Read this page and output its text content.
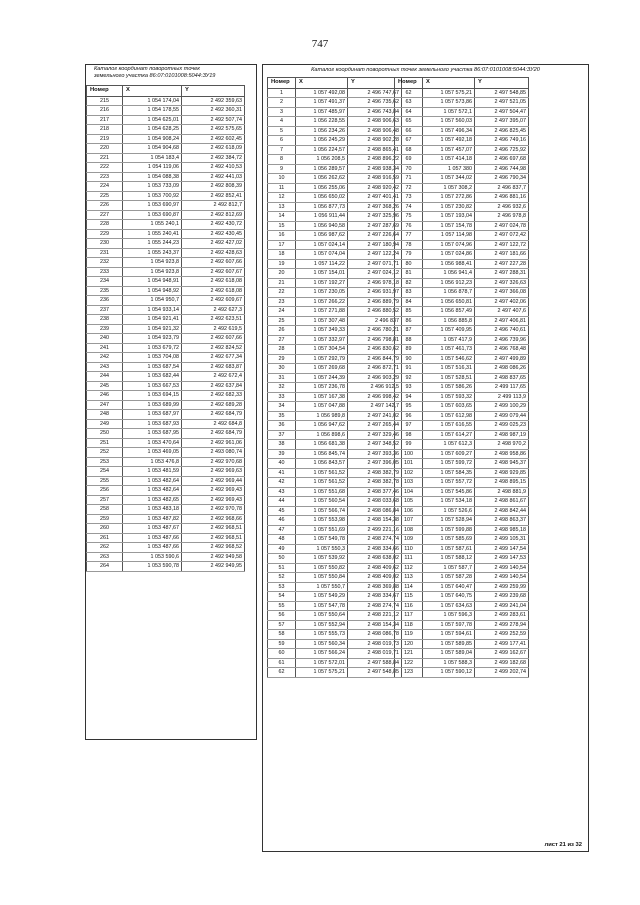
747
Каталог координат поворотных точек
земельного участка 86:07:0101008:5044:ЗУ19
Номер	X	Y
215	1 054 174,04	2 492 359,63
216	1 054 178,55	2 492 360,31
217	1 054 625,01	2 492 507,74
218	1 054 628,25	2 492 575,65
219	1 054 908,24	2 492 602,45
220	1 054 904,68	2 492 618,09
221	1 054 183,4	2 492 384,72
222	1 054 119,06	2 492 410,53
223	1 054 088,38	2 492 441,03
224	1 053 733,09	2 492 808,39
225	1 053 700,92	2 492 852,41
226	1 053 690,97	2 492 812,7
227	1 053 690,87	2 492 812,69
228	1 055 240,1	2 492 430,72
229	1 055 240,41	2 492 430,45
230	1 055 244,23	2 492 427,02
231	1 055 243,37	2 492 428,63
232	1 054 923,8	2 492 607,66
233	1 054 923,8	2 492 607,67
234	1 054 948,91	2 492 618,08
235	1 054 948,92	2 492 618,08
236	1 054 950,7	2 492 609,67
237	1 054 933,14	2 492 627,3
238	1 054 921,41	2 492 623,51
239	1 054 921,32	2 492 619,5
240	1 054 923,79	2 492 607,66
241	1 053 679,72	2 492 824,52
242	1 053 704,08	2 492 677,34
243	1 053 687,54	2 492 683,87
244	1 053 682,44	2 492 672,4
245	1 053 667,53	2 492 637,84
246	1 053 694,15	2 492 682,33
247	1 053 689,99	2 492 689,28
248	1 053 687,97	2 492 684,79
249	1 053 687,93	2 492 684,8
250	1 053 687,95	2 492 684,79
251	1 053 470,64	2 492 961,06
252	1 053 469,05	2 493 080,74
253	1 053 476,8	2 492 970,68
254	1 053 481,59	2 492 969,63
255	1 053 482,64	2 492 969,44
256	1 053 482,64	2 492 969,43
257	1 053 482,65	2 492 969,43
258	1 053 483,18	2 492 970,78
259	1 053 487,82	2 492 968,66
260	1 053 487,67	2 492 968,51
261	1 053 487,66	2 492 968,51
262	1 053 487,66	2 492 968,52
263	1 053 590,6	2 492 949,58
264	1 053 590,78	2 492 949,95
Каталог координат поворотных точек земельного участка 86:07:0101008:5044:ЗУ20
Номер	X	Y
1	1 057 492,08	2 496 747,67
2	1 057 491,37	2 496 735,62
3	1 057 485,97	2 496 743,84
4	1 056 228,55	2 498 906,63
5	1 056 234,26	2 498 906,48
6	1 056 245,29	2 498 902,28
7	1 056 224,57	2 498 865,41
8	1 056 208,5	2 498 896,22
9	1 056 289,57	2 498 938,34
10	1 056 262,62	2 498 916,59
11	1 056 255,06	2 498 920,42
12	1 056 650,02	2 497 401,41
13	1 056 877,73	2 497 368,26
14	1 056 911,44	2 497 325,96
15	1 056 940,58	2 497 287,69
16	1 056 987,62	2 497 226,64
17	1 057 024,14	2 497 180,94
18	1 057 074,04	2 497 122,24
19	1 057 114,22	2 497 071,71
20	1 057 154,01	2 497 024,12
21	1 057 192,27	2 496 978,18
22	1 057 230,05	2 496 931,97
23	1 057 266,22	2 496 889,79
24	1 057 271,88	2 496 880,52
25	1 057 307,48	2 496 837
26	1 057 349,33	2 496 780,21
27	1 057 332,97	2 496 798,81
28	1 057 304,54	2 496 830,62
29	1 057 292,79	2 496 844,79
30	1 057 269,68	2 496 872,71
31	1 057 244,39	2 496 903,29
32	1 057 236,78	2 496 912,5
33	1 057 167,38	2 496 998,42
34	1 057 047,88	2 497 142,7
35	1 056 989,8	2 497 241,02
36	1 056 947,62	2 497 265,44
37	1 056 898,6	2 497 329,46
38	1 056 681,38	2 497 348,52
39	1 056 845,74	2 497 393,36
40	1 056 843,57	2 497 396,05
41	1 057 561,52	2 498 382,79
42	1 057 561,52	2 498 382,78
43	1 057 551,68	2 498 377,46
44	1 057 560,54	2 498 033,68
45	1 057 566,74	2 498 086,84
46	1 057 553,98	2 498 154,38
47	1 057 551,69	2 499 221,16
48	1 057 549,78	2 498 274,74
49	1 057 550,3	2 498 334,66
50	1 057 539,92	2 498 638,02
51	1 057 550,82	2 498 409,62
52	1 057 550,84	2 498 409,02
53	1 057 550,7	2 498 369,88
54	1 057 549,29	2 498 334,67
55	1 057 547,78	2 498 274,74
56	1 057 550,64	2 498 221,12
57	1 057 552,94	2 498 154,34
58	1 057 555,73	2 498 086,78
59	1 057 560,34	2 498 019,73
60	1 057 566,24	2 498 019,71
61	1 057 572,01	2 497 588,84
62	1 057 575,21	2 497 548,85
Номер	X	Y
62	1 057 575,21	2 497 548,85
63	1 057 573,86	2 497 521,05
64	1 057 572,1	2 497 504,47
65	1 057 560,03	2 497 395,07
66	1 057 496,34	2 496 825,45
67	1 057 492,18	2 496 749,16
68	1 057 457,07	2 496 725,92
69	1 057 414,18	2 496 697,68
70	1 057 380	2 496 744,98
71	1 057 344,02	2 496 790,34
72	1 057 308,2	2 496 837,7
73	1 057 272,86	2 496 881,16
74	1 057 230,82	2 496 932,6
75	1 057 193,04	2 496 978,8
76	1 057 154,78	2 497 024,78
77	1 057 114,98	2 497 072,42
78	1 057 074,96	2 497 122,72
79	1 057 024,86	2 497 181,66
80	1 056 988,41	2 497 227,28
81	1 056 941,4	2 497 288,31
82	1 056 912,23	2 497 326,63
83	1 056 878,7	2 497 366,08
84	1 056 650,81	2 497 402,06
85	1 056 857,49	2 497 407,6
86	1 056 885,8	2 497 406,81
87	1 057 409,95	2 496 740,61
88	1 057 417,9	2 496 739,96
89	1 057 461,73	2 496 768,48
90	1 057 546,62	2 497 499,89
91	1 057 516,31	2 498 086,26
92	1 057 528,51	2 498 837,65
93	1 057 586,26	2 499 117,65
94	1 057 593,32	2 499 113,9
95	1 057 603,65	2 499 100,29
96	1 057 612,98	2 499 079,44
97	1 057 616,55	2 499 025,23
98	1 057 614,27	2 498 987,19
99	1 057 612,3	2 498 970,2
100	1 057 609,27	2 498 958,86
101	1 057 599,72	2 498 945,37
102	1 057 584,35	2 498 929,85
103	1 057 557,72	2 498 895,15
104	1 057 545,86	2 498 881,9
105	1 057 534,18	2 498 861,67
106	1 057 526,6	2 498 842,44
107	1 057 528,94	2 498 863,37
108	1 057 599,88	2 498 985,18
109	1 057 585,69	2 499 105,31
110	1 057 587,61	2 499 147,54
111	1 057 588,12	2 499 147,53
112	1 057 587,7	2 499 140,54
113	1 057 587,28	2 499 140,54
114	1 057 640,47	2 499 259,99
115	1 057 640,75	2 499 239,68
116	1 057 634,63	2 499 241,04
117	1 057 596,3	2 499 283,61
118	1 057 597,78	2 499 278,94
119	1 057 594,61	2 499 252,59
120	1 057 589,85	2 499 177,41
121	1 057 589,04	2 499 162,67
122	1 057 588,3	2 499 182,68
123	1 057 590,12	2 499 202,74
лист 21 из 32
